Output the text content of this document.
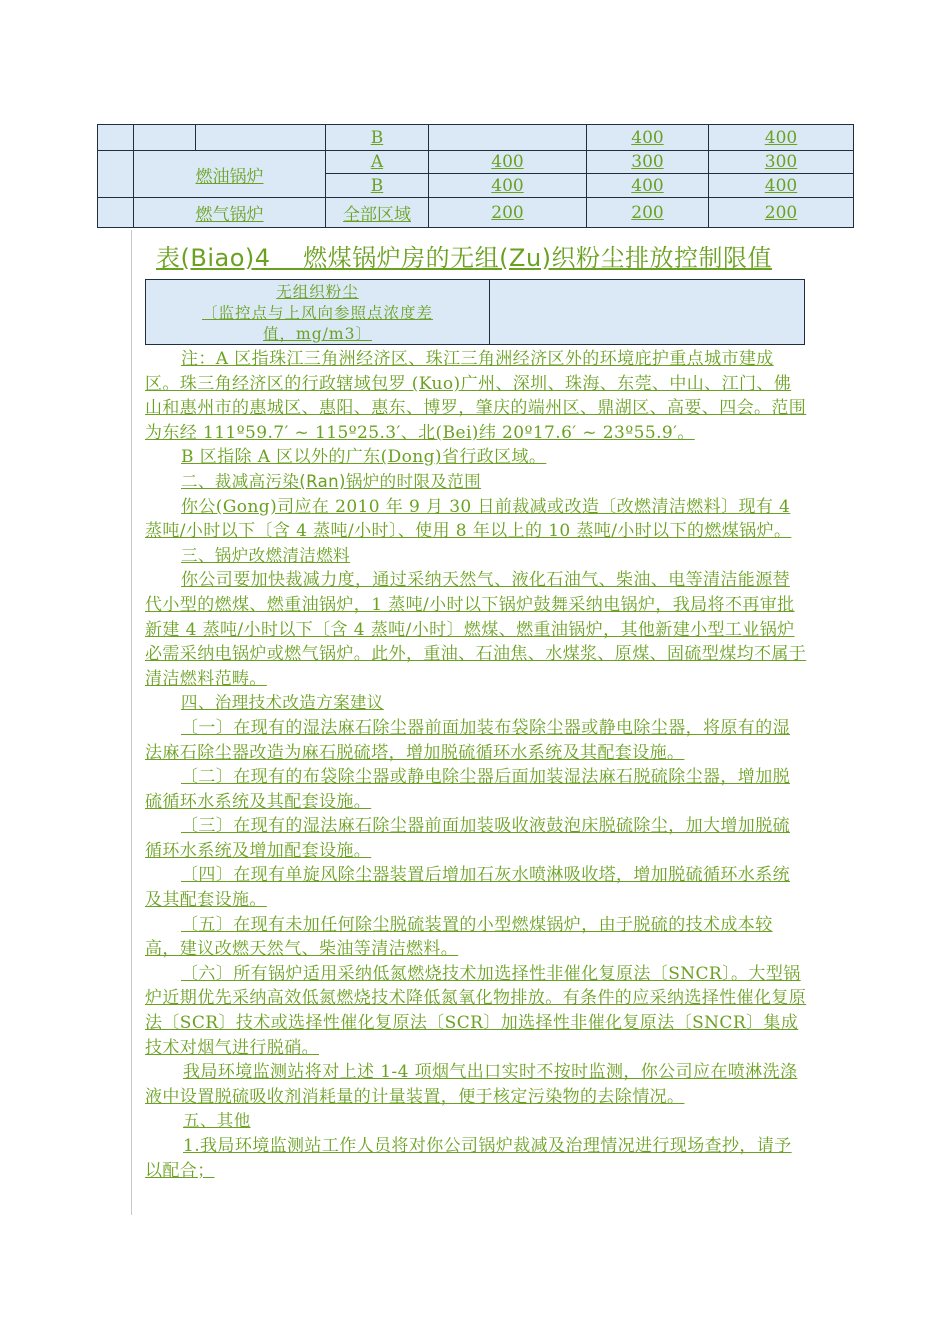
			B		400	400
	燃油锅炉		A	400	300	300
			B	400	400	400
	燃气锅炉		全部区域	200	200	200
表(Biao)4　 燃煤锅炉房的无组(Zu)织粉尘排放控制限值
无组织粉尘
〔监控点与上风向参照点浓度差
值，mg/m3〕

注：A 区指珠江三角洲经济区、珠江三角洲经济区外的环境庇护重点城市建成区。珠三角经济区的行政辖域包罗 (Kuo)广州、深圳、珠海、东莞、中山、江门、佛山和惠州市的惠城区、惠阳、惠东、博罗，肇庆的端州区、鼎湖区、高要、四会。范围为东经 111º59.7′ ~ 115º25.3′、北(Bei)纬 20º17.6′ ~ 23º55.9′。

B 区指除 A 区以外的广东(Dong)省行政区域。

二、裁减高污染(Ran)锅炉的时限及范围

你公(Gong)司应在 2010 年 9 月 30 日前裁减或改造〔改燃清洁燃料〕现有 4 蒸吨/小时以下〔含 4 蒸吨/小时〕、使用 8 年以上的 10 蒸吨/小时以下的燃煤锅炉。

三、锅炉改燃清洁燃料

你公司要加快裁减力度，通过采纳天然气、液化石油气、柴油、电等清洁能源替代小型的燃煤、燃重油锅炉，1 蒸吨/小时以下锅炉鼓舞采纳电锅炉，我局将不再审批新建 4 蒸吨/小时以下〔含 4 蒸吨/小时〕燃煤、燃重油锅炉，其他新建小型工业锅炉必需采纳电锅炉或燃气锅炉。此外，重油、石油焦、水煤浆、原煤、固硫型煤均不属于清洁燃料范畴。

四、治理技术改造方案建议

〔一〕在现有的湿法麻石除尘器前面加装布袋除尘器或静电除尘器，将原有的湿法麻石除尘器改造为麻石脱硫塔，增加脱硫循环水系统及其配套设施。

〔二〕在现有的布袋除尘器或静电除尘器后面加装湿法麻石脱硫除尘器，增加脱硫循环水系统及其配套设施。

〔三〕在现有的湿法麻石除尘器前面加装吸收液鼓泡床脱硫除尘，加大增加脱硫循环水系统及增加配套设施。

〔四〕在现有单旋风除尘器装置后增加石灰水喷淋吸收塔，增加脱硫循环水系统及其配套设施。

〔五〕在现有未加任何除尘脱硫装置的小型燃煤锅炉，由于脱硫的技术成本较高，建议改燃天然气、柴油等清洁燃料。

〔六〕所有锅炉适用采纳低氮燃烧技术加选择性非催化复原法〔SNCR〕。大型锅炉近期优先采纳高效低氮燃烧技术降低氮氧化物排放。有条件的应采纳选择性催化复原法〔SCR〕技术或选择性催化复原法〔SCR〕加选择性非催化复原法〔SNCR〕集成技术对烟气进行脱硝。

我局环境监测站将对上述 1-4 项烟气出口实时不按时监测，你公司应在喷淋洗涤液中设置脱硫吸收剂消耗量的计量装置，便于核定污染物的去除情况。

五、其他

1.我局环境监测站工作人员将对你公司锅炉裁减及治理情况进行现场查抄，请予以配合；
